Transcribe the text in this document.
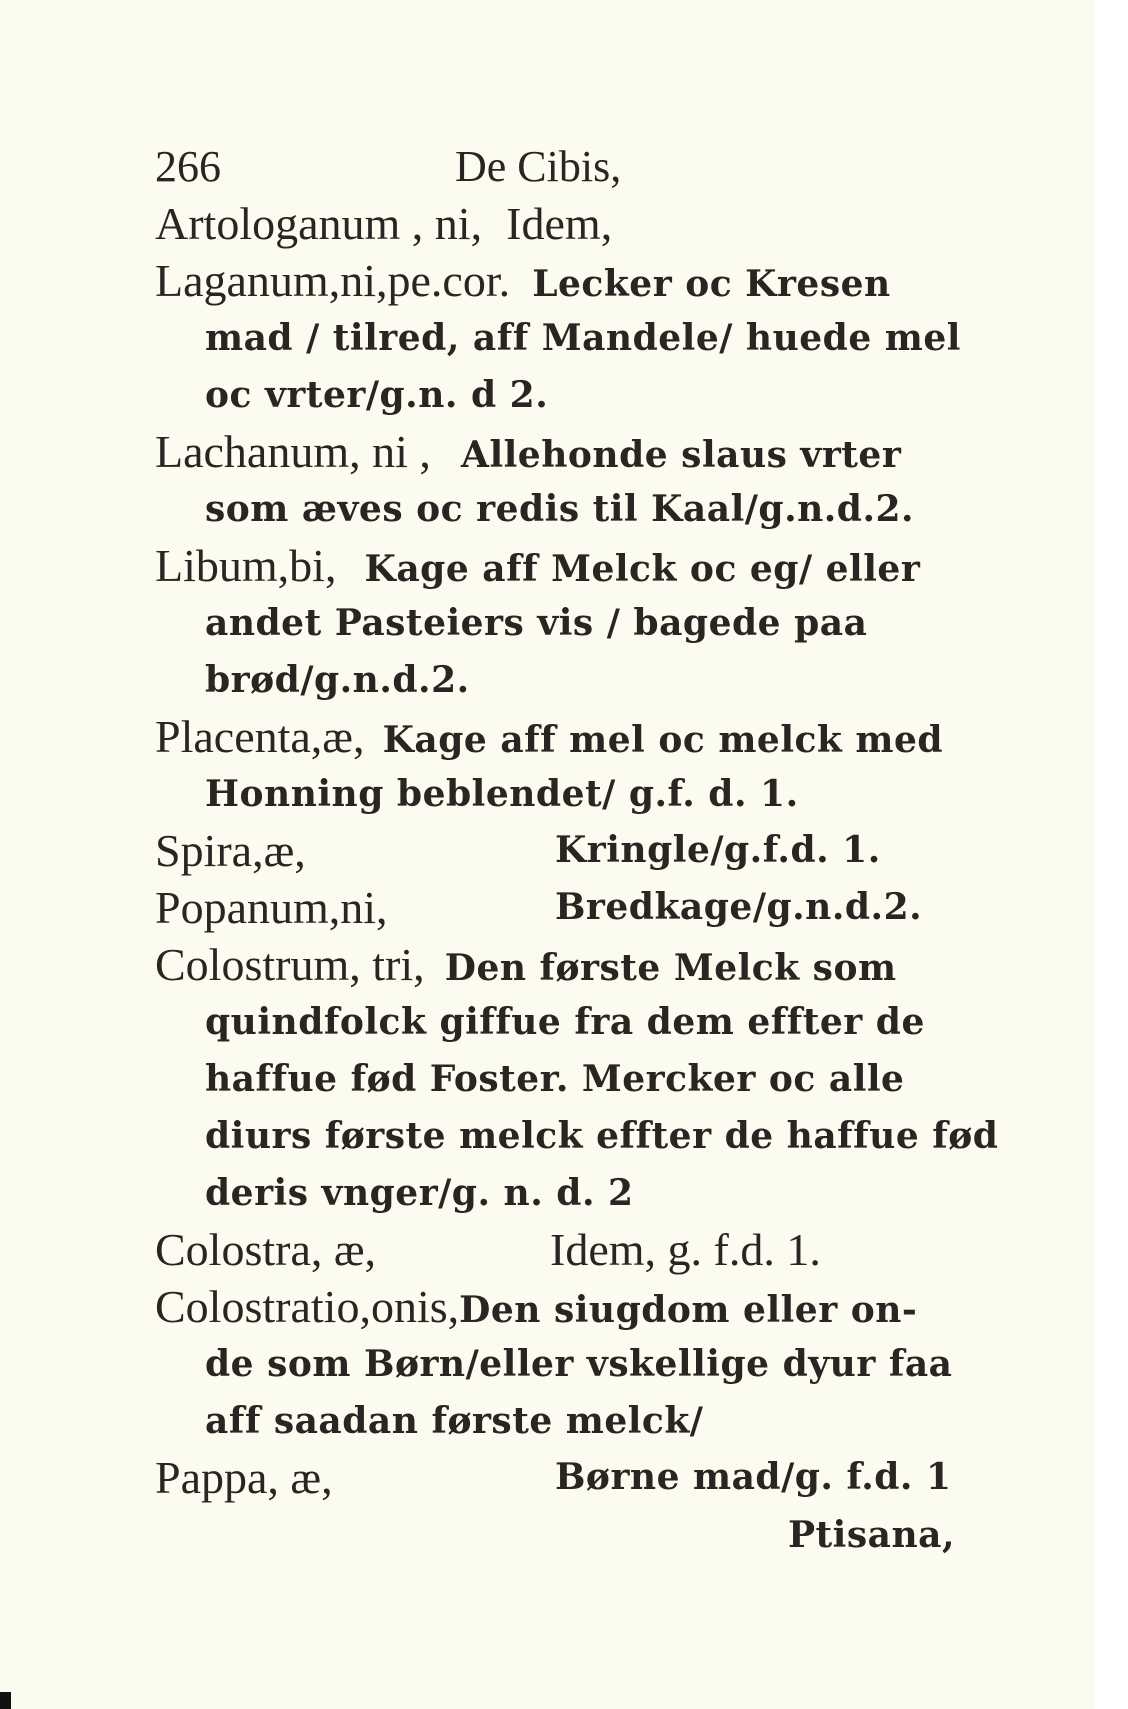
266	De Cibis,
Artologanum , ni, Idem,
Laganum,ni,pe.cor. Lecker oc Kresen
mad / tilred, aff Mandele/ huede mel
oc vrter/g.n. d 2.
Lachanum, ni , Allehonde slaus vrter
som æves oc redis til Kaal/g.n.d.2.
Libum,bi, Kage aff Melck oc eg/ eller
andet Pasteiers vis / bagede paa
brød/g.n.d.2.
Placenta,æ, Kage aff mel oc melck med
Honning beblendet/ g.f. d. 1.
Spira,æ,	Kringle/g.f.d. 1.
Popanum,ni,	Bredkage/g.n.d.2.
Colostrum, tri, Den første Melck som
quindfolck giffue fra dem effter de
haffue fød Foster. Mercker oc alle
diurs første melck effter de haffue fød
deris vnger/g. n. d. 2
Colostra, æ,	Idem, g. f.d. 1.
Colostratio,onis,Den siugdom eller on-
de som Børn/eller vskellige dyur faa
aff saadan første melck/
Pappa, æ,	Børne mad/g. f.d. 1
Ptisana,
